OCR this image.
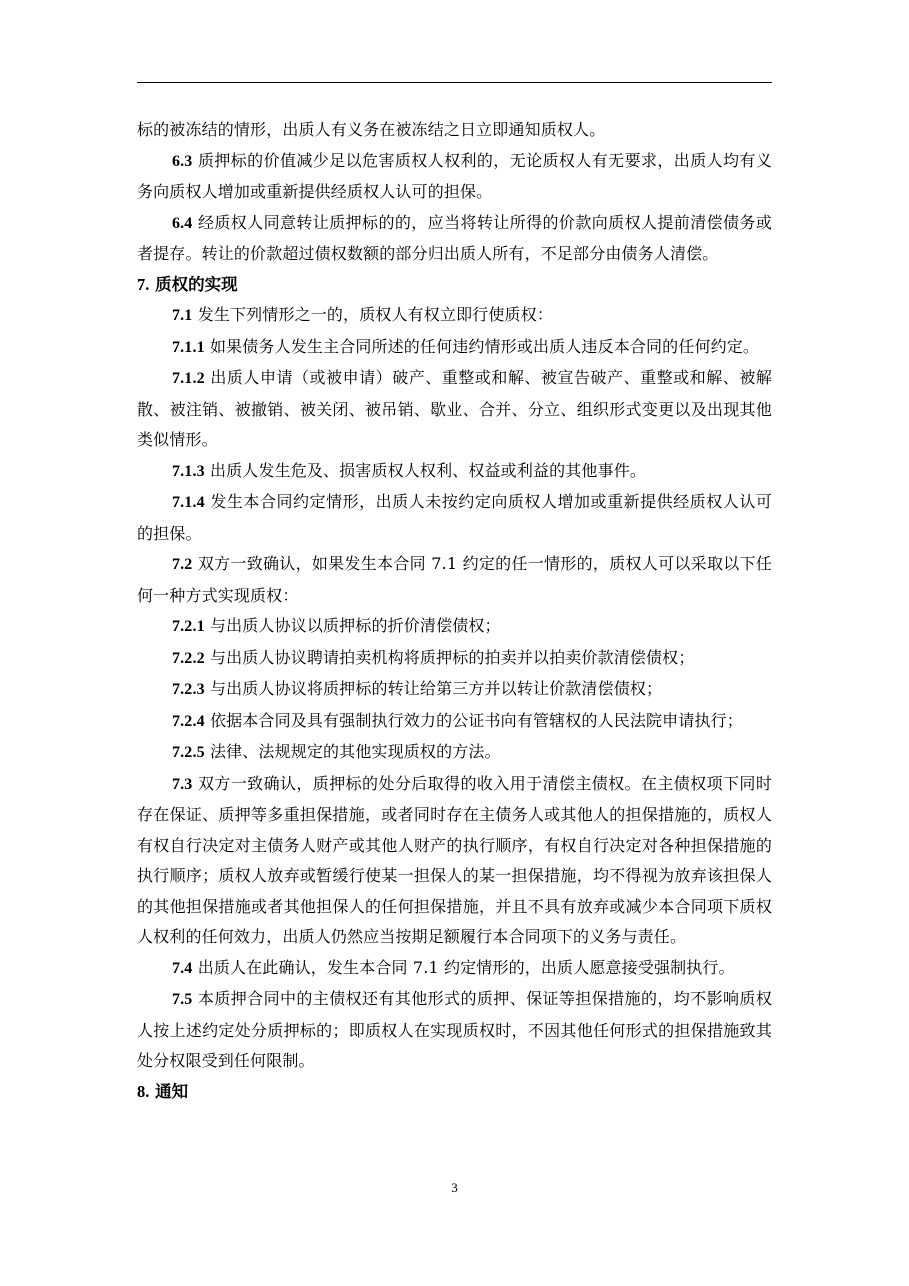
标的被冻结的情形，出质人有义务在被冻结之日立即通知质权人。

6.3 质押标的价值减少足以危害质权人权利的，无论质权人有无要求，出质人均有义务向质权人增加或重新提供经质权人认可的担保。

6.4 经质权人同意转让质押标的的，应当将转让所得的价款向质权人提前清偿债务或者提存。转让的价款超过债权数额的部分归出质人所有，不足部分由债务人清偿。

7. 质权的实现

7.1 发生下列情形之一的，质权人有权立即行使质权：

7.1.1 如果债务人发生主合同所述的任何违约情形或出质人违反本合同的任何约定。

7.1.2 出质人申请（或被申请）破产、重整或和解、被宣告破产、重整或和解、被解散、被注销、被撤销、被关闭、被吊销、歇业、合并、分立、组织形式变更以及出现其他类似情形。

7.1.3 出质人发生危及、损害质权人权利、权益或利益的其他事件。

7.1.4 发生本合同约定情形，出质人未按约定向质权人增加或重新提供经质权人认可的担保。

7.2 双方一致确认，如果发生本合同 7.1 约定的任一情形的，质权人可以采取以下任何一种方式实现质权：

7.2.1 与出质人协议以质押标的折价清偿债权；

7.2.2 与出质人协议聘请拍卖机构将质押标的拍卖并以拍卖价款清偿债权；

7.2.3 与出质人协议将质押标的转让给第三方并以转让价款清偿债权；

7.2.4 依据本合同及具有强制执行效力的公证书向有管辖权的人民法院申请执行；

7.2.5 法律、法规规定的其他实现质权的方法。

7.3 双方一致确认，质押标的处分后取得的收入用于清偿主债权。在主债权项下同时存在保证、质押等多重担保措施，或者同时存在主债务人或其他人的担保措施的，质权人有权自行决定对主债务人财产或其他人财产的执行顺序，有权自行决定对各种担保措施的执行顺序；质权人放弃或暂缓行使某一担保人的某一担保措施，均不得视为放弃该担保人的其他担保措施或者其他担保人的任何担保措施，并且不具有放弃或减少本合同项下质权人权利的任何效力，出质人仍然应当按期足额履行本合同项下的义务与责任。

7.4 出质人在此确认，发生本合同 7.1 约定情形的，出质人愿意接受强制执行。

7.5 本质押合同中的主债权还有其他形式的质押、保证等担保措施的，均不影响质权人按上述约定处分质押标的；即质权人在实现质权时，不因其他任何形式的担保措施致其处分权限受到任何限制。

8. 通知
3
